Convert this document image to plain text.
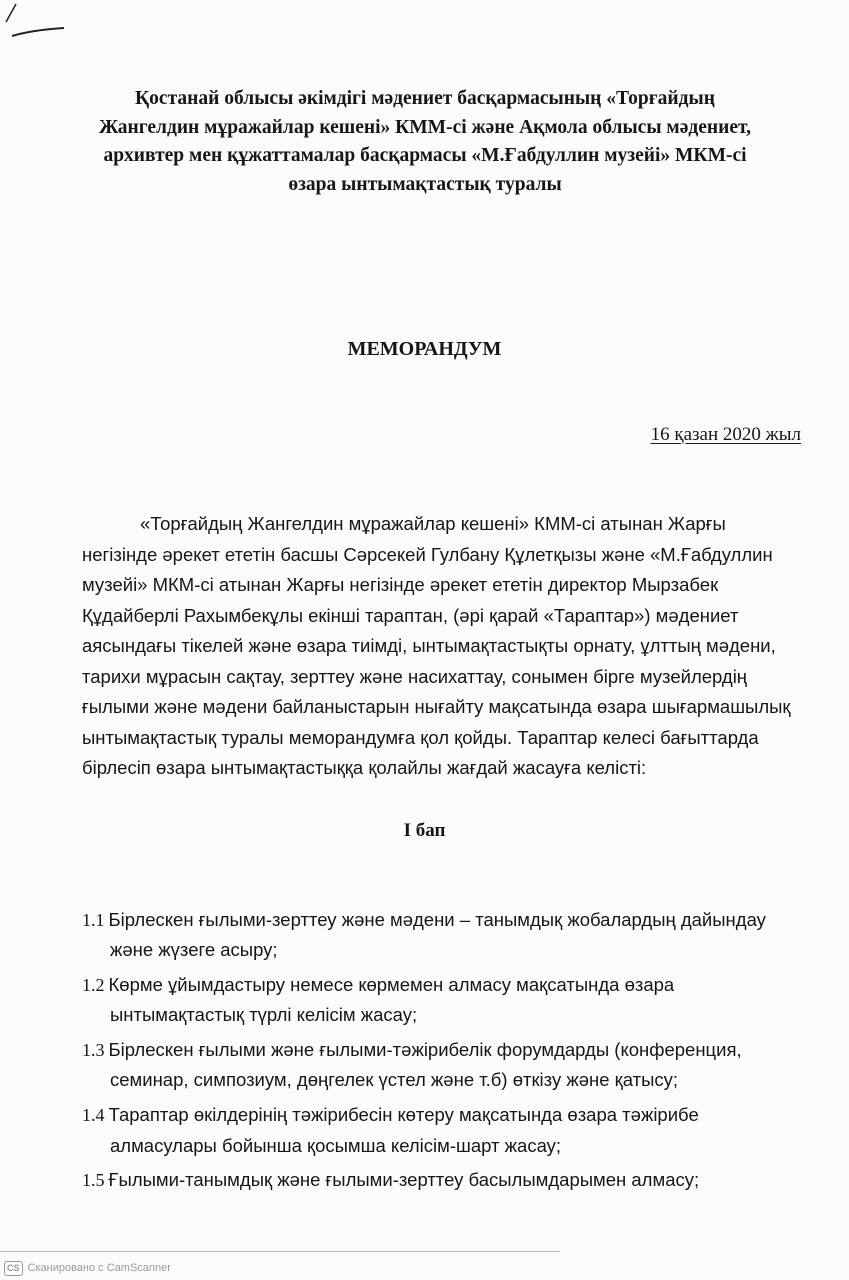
Қостанай облысы әкімдігі мәдениет басқармасының «Торғайдың
Жангелдин мұражайлар кешені» КММ-сі және Ақмола облысы мәдениет,
архивтер мен құжаттамалар басқармасы «М.Ғабдуллин музейі» МКМ-сі
өзара ынтымақтастық туралы
МЕМОРАНДУМ
16 қазан 2020 жыл
«Торғайдың Жангелдин мұражайлар кешені» КММ-сі атынан Жарғы
негізінде әрекет ететін басшы Сәрсекей Гулбану Құлетқызы және «М.Ғабдуллин
музейі» МКМ-сі атынан Жарғы негізінде әрекет ететін директор Мырзабек
Құдайберлі Рахымбекұлы екінші тараптан, (әрі қарай «Тараптар») мәдениет
аясындағы тікелей және өзара тиімді, ынтымақтастықты орнату, ұлттың мәдени,
тарихи мұрасын сақтау, зерттеу және насихаттау, сонымен бірге музейлердің
ғылыми және мәдени байланыстарын нығайту мақсатында өзара шығармашылық
ынтымақтастық туралы меморандумға қол қойды. Тараптар келесі бағыттарда
бірлесіп өзара ынтымақтастыққа қолайлы жағдай жасауға келісті:
I бап
1.1 Бірлескен ғылыми-зерттеу және мәдени – танымдық жобалардың дайындау
және жүзеге асыру;
1.2 Көрме ұйымдастыру немесе көрмемен алмасу мақсатында өзара
ынтымақтастық түрлі келісім жасау;
1.3 Бірлескен ғылыми және ғылыми-тәжірибелік форумдарды (конференция,
семинар, симпозиум, дөңгелек үстел және т.б) өткізу және қатысу;
1.4 Тараптар өкілдерінің тәжірибесін көтеру мақсатында өзара тәжірибе
алмасулары бойынша қосымша келісім-шарт жасау;
1.5 Ғылыми-танымдық және ғылыми-зерттеу басылымдарымен алмасу;
CS Сканировано с CamScanner
